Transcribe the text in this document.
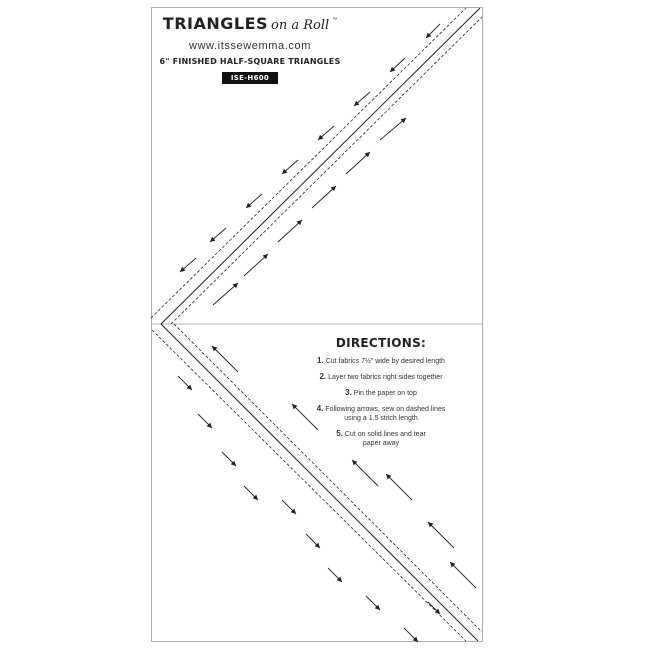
TRIANGLES on a Roll ™
www.itssewemma.com
6" FINISHED HALF-SQUARE TRIANGLES
ISE-H600
DIRECTIONS:
1. Cut fabrics 7½" wide by desired length
2. Layer two fabrics right sides together
3. Pin the paper on top
4. Following arrows, sew on dashed lines
using a 1.5 stitch length
5. Cut on solid lines and tear
paper away
